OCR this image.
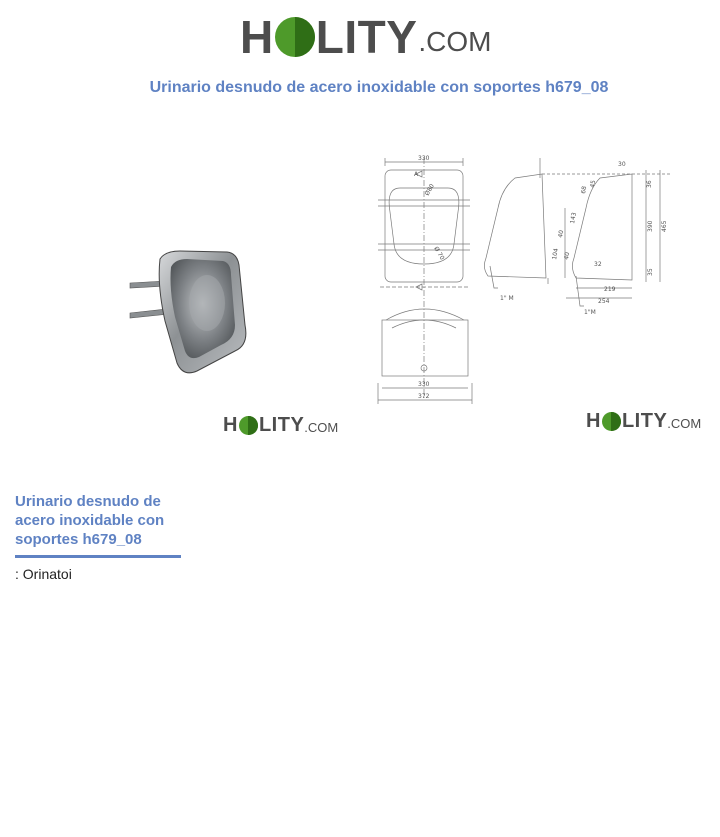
H LITY .COM
Urinario desnudo de acero inoxidable con soportes h679_08
330
A
Ø80
Ø 70
330
372
30
36
390 465
35
68
45
143
40
104 40
32
219
254
1" M
1"M
H LITY .COM	H LITY .COM
Urinario desnudo de acero inoxidable con soportes h679_08
: Orinatoi
